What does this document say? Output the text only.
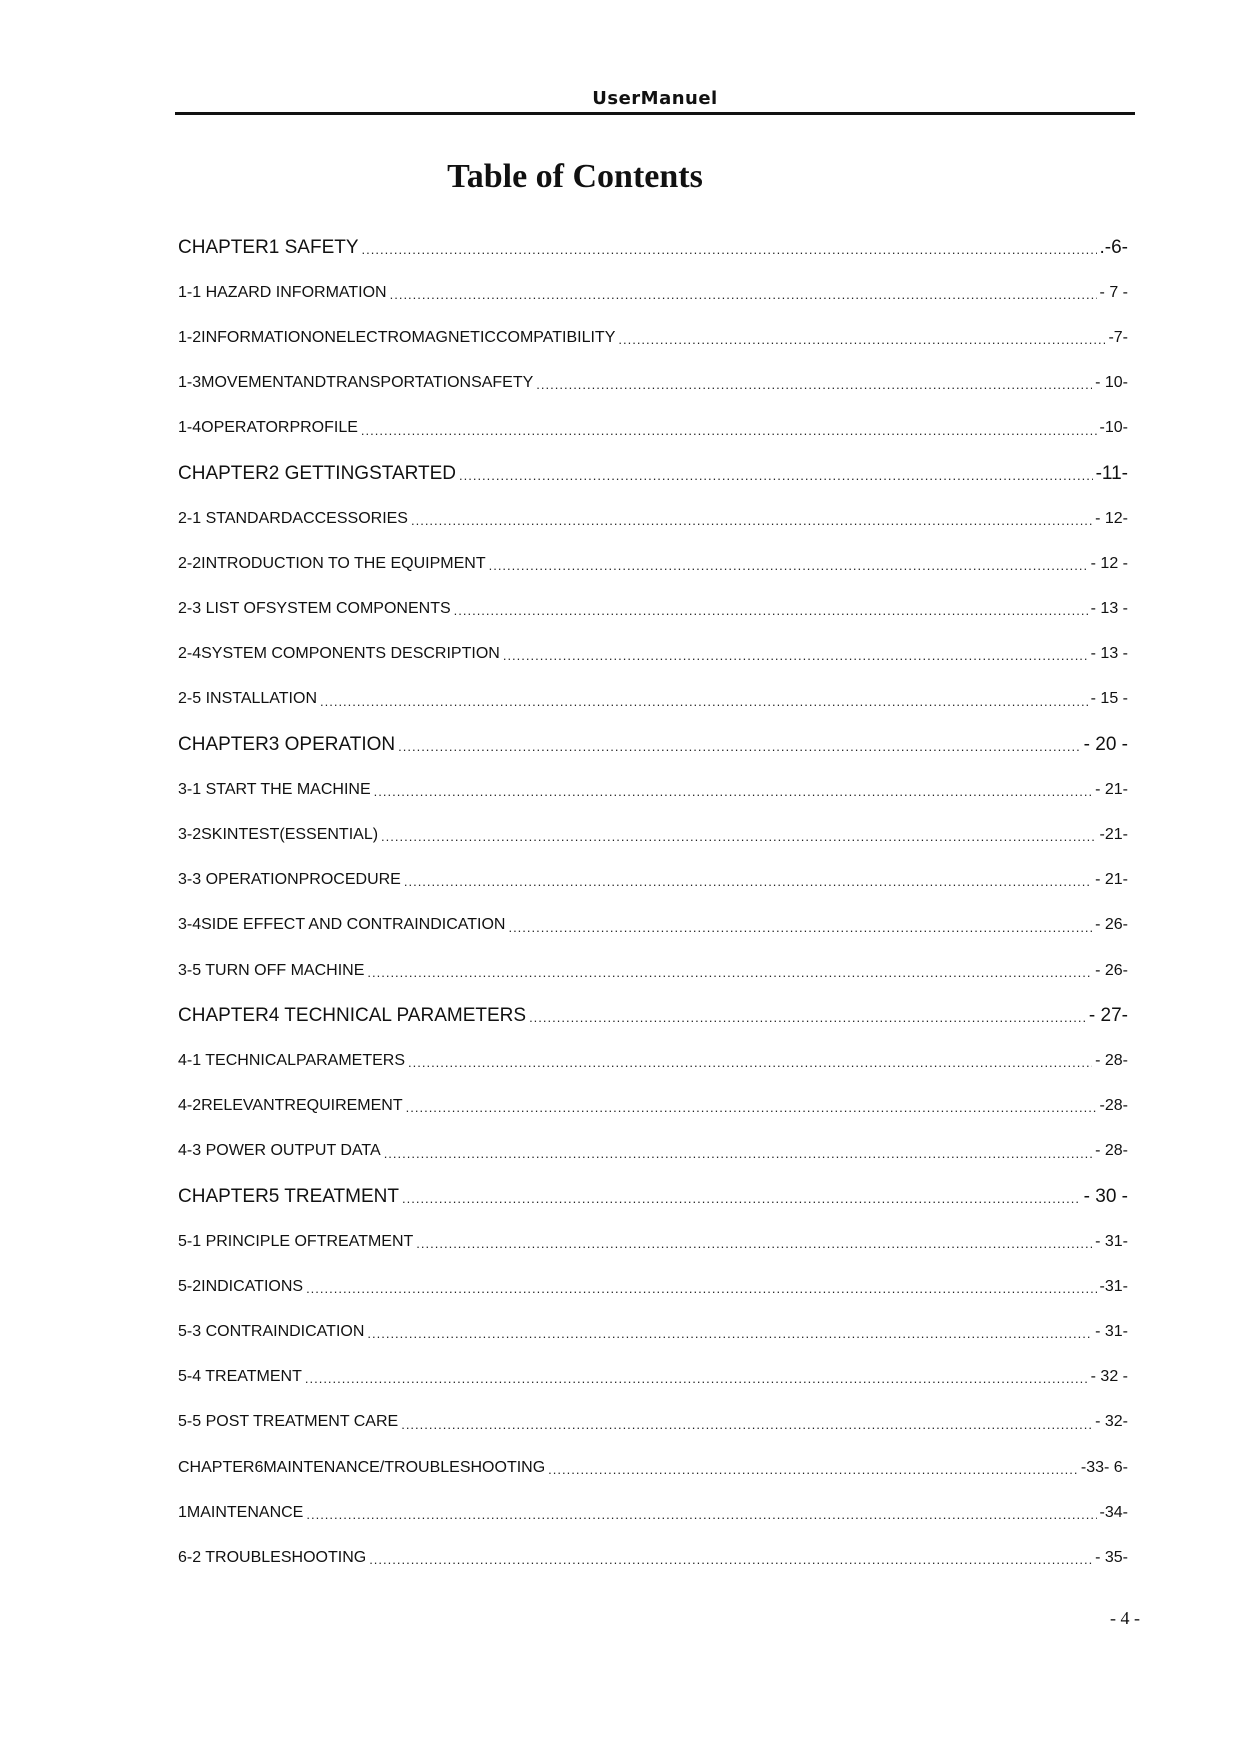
UserManuel
Table of Contents
CHAPTER1 SAFETY .....	.-6-
1-1 HAZARD INFORMATION .....	- 7 -
1-2INFORMATIONONELECTROMAGNETICCOMPATIBILITY .....	-7-
1-3MOVEMENTANDTRANSPORTATIONSAFETY .....	- 10-
1-4OPERATORPROFILE .....	-10-
CHAPTER2 GETTINGSTARTED .....	-11-
2-1 STANDARDACCESSORIES .....	- 12-
2-2INTRODUCTION TO THE EQUIPMENT .....	- 12 -
2-3 LIST OFSYSTEM COMPONENTS .....	- 13 -
2-4SYSTEM COMPONENTS DESCRIPTION .....	- 13 -
2-5 INSTALLATION .....	- 15 -
CHAPTER3 OPERATION .....	- 20 -
3-1 START THE MACHINE .....	- 21-
3-2SKINTEST(ESSENTIAL) .....	-21-
3-3 OPERATIONPROCEDURE .....	- 21-
3-4SIDE EFFECT AND CONTRAINDICATION .....	- 26-
3-5 TURN OFF MACHINE .....	- 26-
CHAPTER4 TECHNICAL PARAMETERS .....	- 27-
4-1 TECHNICALPARAMETERS .....	- 28-
4-2RELEVANTREQUIREMENT .....	-28-
4-3 POWER OUTPUT DATA .....	- 28-
CHAPTER5 TREATMENT .....	- 30 -
5-1 PRINCIPLE OFTREATMENT .....	- 31-
5-2INDICATIONS .....	-31-
5-3 CONTRAINDICATION .....	- 31-
5-4 TREATMENT .....	- 32 -
5-5 POST TREATMENT CARE .....	- 32-
CHAPTER6MAINTENANCE/TROUBLESHOOTING .....	-33- 6-
1MAINTENANCE .....	-34-
6-2 TROUBLESHOOTING .....	- 35-
- 4 -
